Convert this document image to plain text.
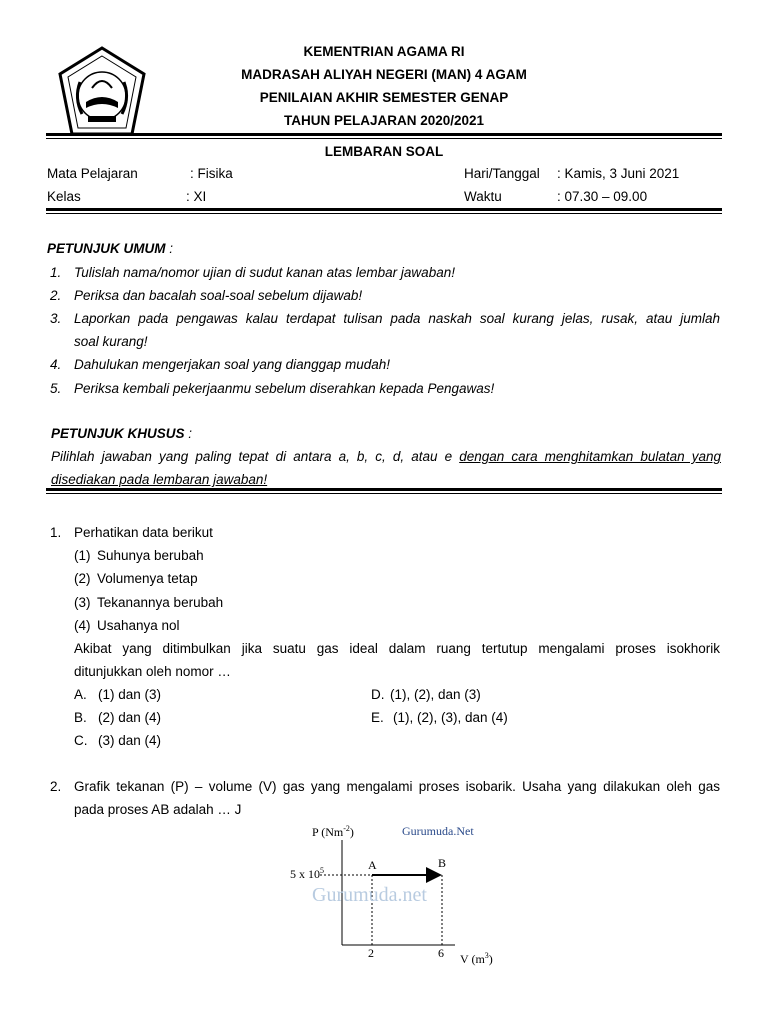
KEMENTRIAN AGAMA RI
MADRASAH ALIYAH NEGERI (MAN) 4 AGAM
PENILAIAN AKHIR SEMESTER GENAP
TAHUN PELAJARAN 2020/2021
LEMBARAN SOAL
Mata Pelajaran	: Fisika	Hari/Tanggal : Kamis, 3 Juni 2021
Kelas	: XI	Waktu	: 07.30 – 09.00
PETUNJUK UMUM :
1. Tulislah nama/nomor ujian di sudut kanan atas lembar jawaban!
2. Periksa dan bacalah soal-soal sebelum dijawab!
3. Laporkan pada pengawas kalau terdapat tulisan pada naskah soal kurang jelas, rusak, atau jumlah
soal kurang!
4. Dahulukan mengerjakan soal yang dianggap mudah!
5. Periksa kembali pekerjaanmu sebelum diserahkan kepada Pengawas!
PETUNJUK KHUSUS :
Pilihlah jawaban yang paling tepat di antara a, b, c, d, atau e dengan cara menghitamkan bulatan yang
disediakan pada lembaran jawaban!
1. Perhatikan data berikut
(1) Suhunya berubah
(2) Volumenya tetap
(3) Tekanannya berubah
(4) Usahanya nol
Akibat yang ditimbulkan jika suatu gas ideal dalam ruang tertutup mengalami proses isokhorik
ditunjukkan oleh nomor …
A. (1) dan (3)
B. (2) dan (4)
C. (3) dan (4)
D. (1), (2), dan (3)
E. (1), (2), (3), dan (4)
2. Grafik tekanan (P) – volume (V) gas yang mengalami proses isobarik. Usaha yang dilakukan oleh gas
pada proses AB adalah … J
P $(Nm^{-2})$	Gurumuda.Net
5 x $10^5$	A	B
Gurumuda.net
2	6 V $(m^3)$
